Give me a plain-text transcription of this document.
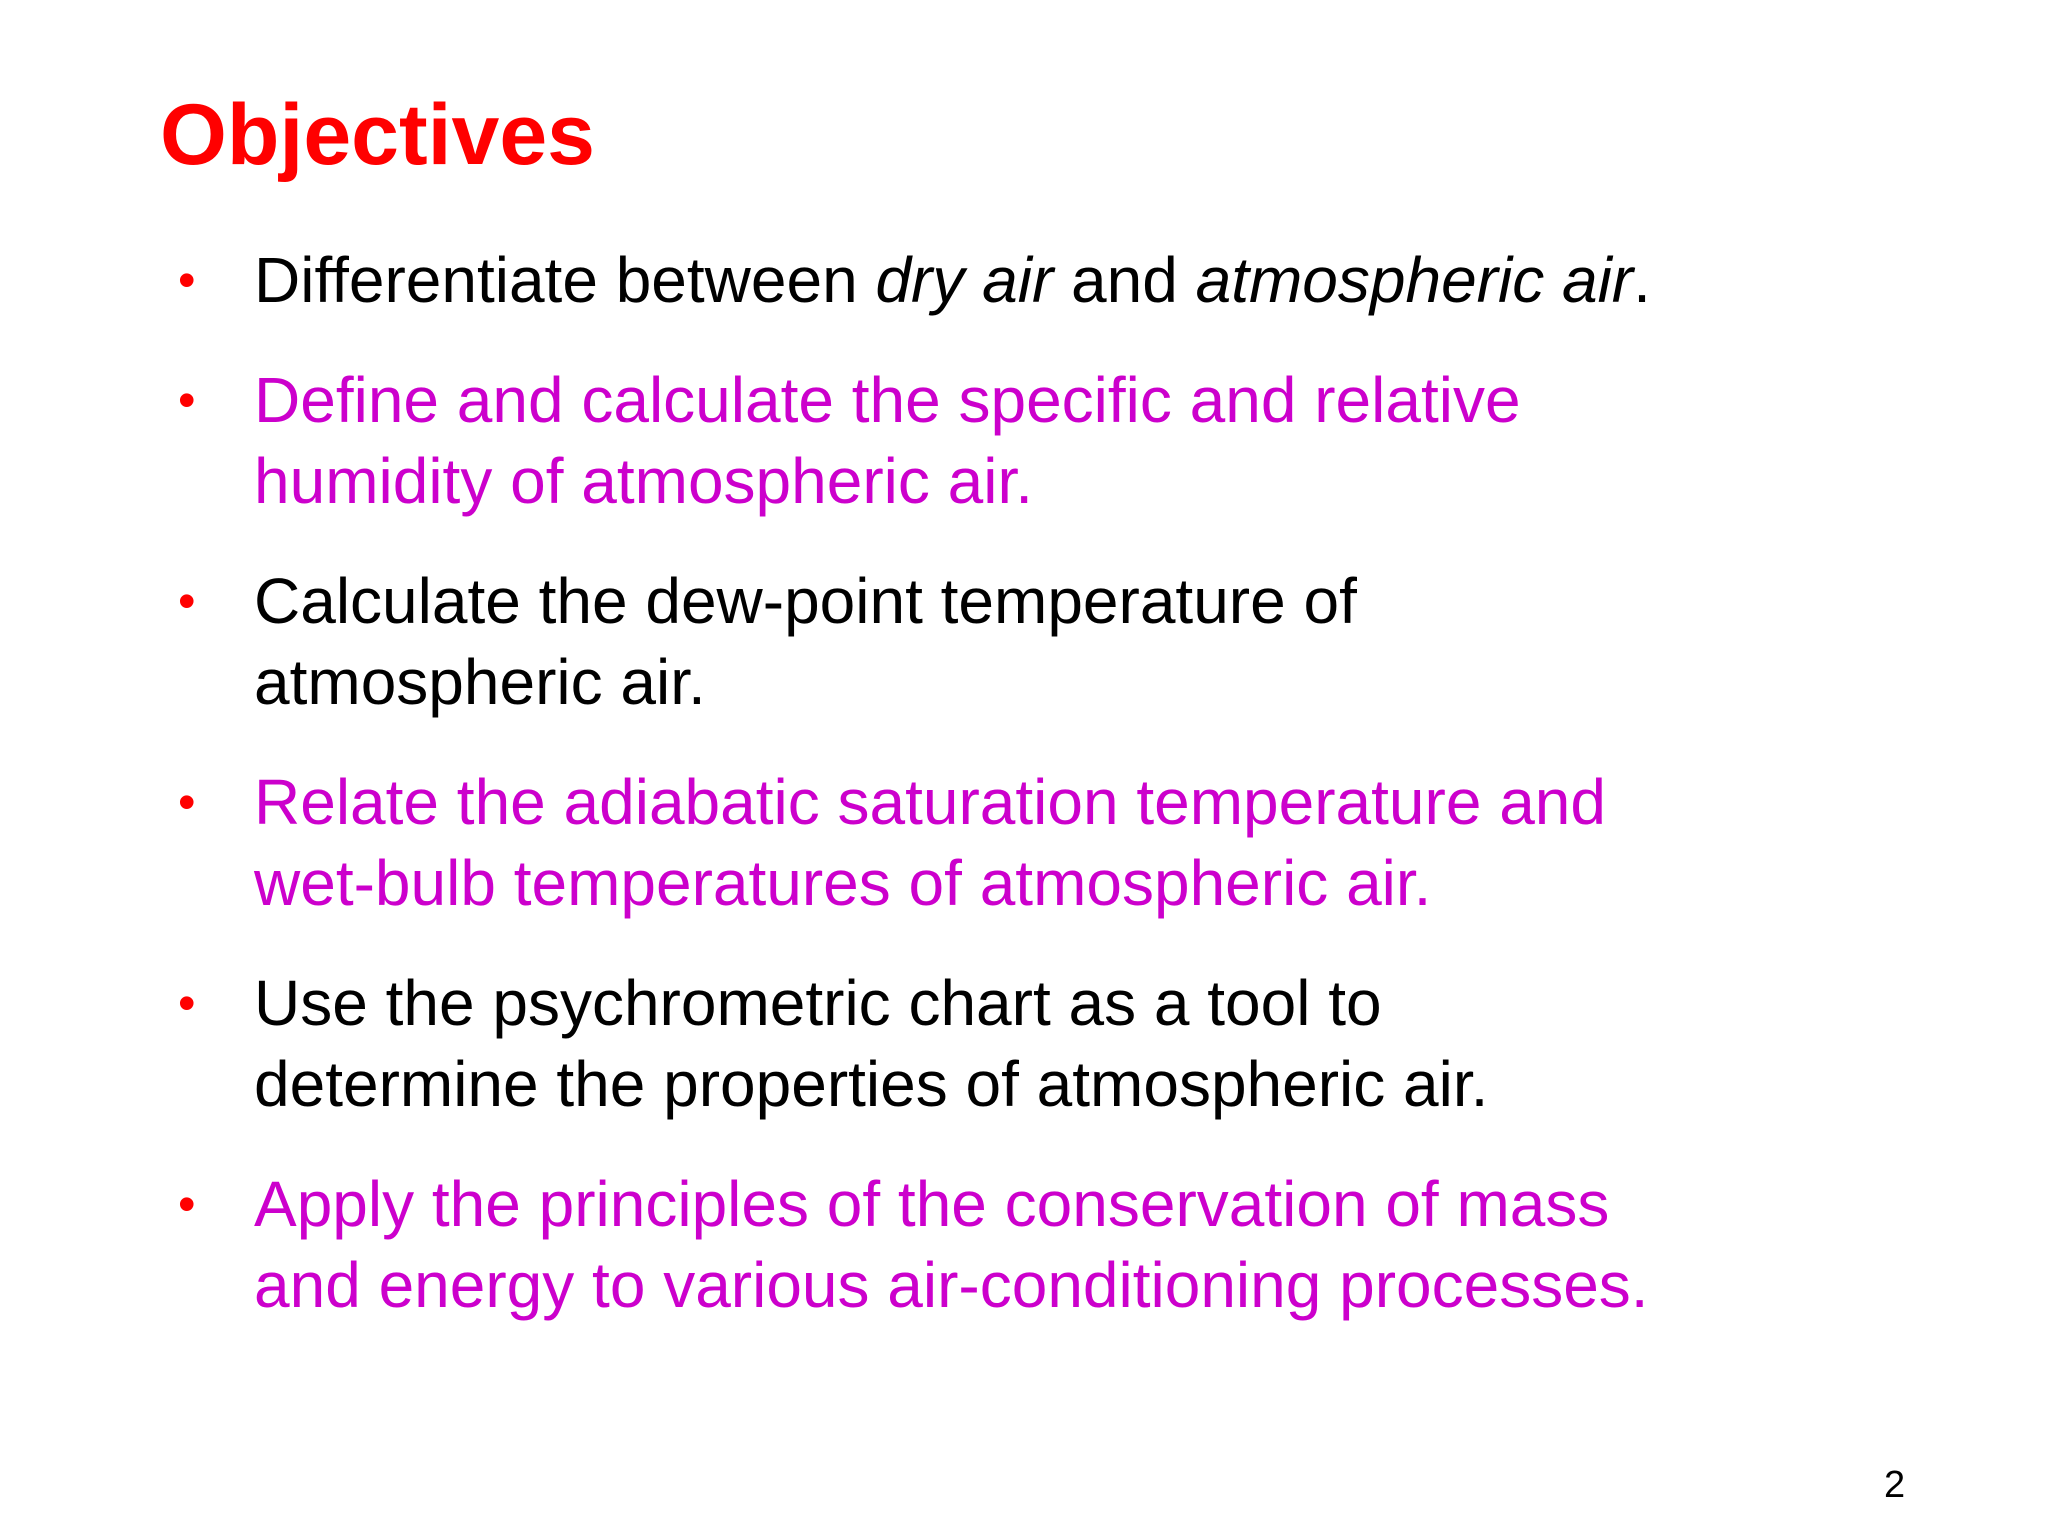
Objectives
• Differentiate between dry air and atmospheric air.
• Define and calculate the specific and relative
humidity of atmospheric air.
• Calculate the dew-point temperature of
atmospheric air.
• Relate the adiabatic saturation temperature and
wet-bulb temperatures of atmospheric air.
• Use the psychrometric chart as a tool to
determine the properties of atmospheric air.
• Apply the principles of the conservation of mass
and energy to various air-conditioning processes.
2
